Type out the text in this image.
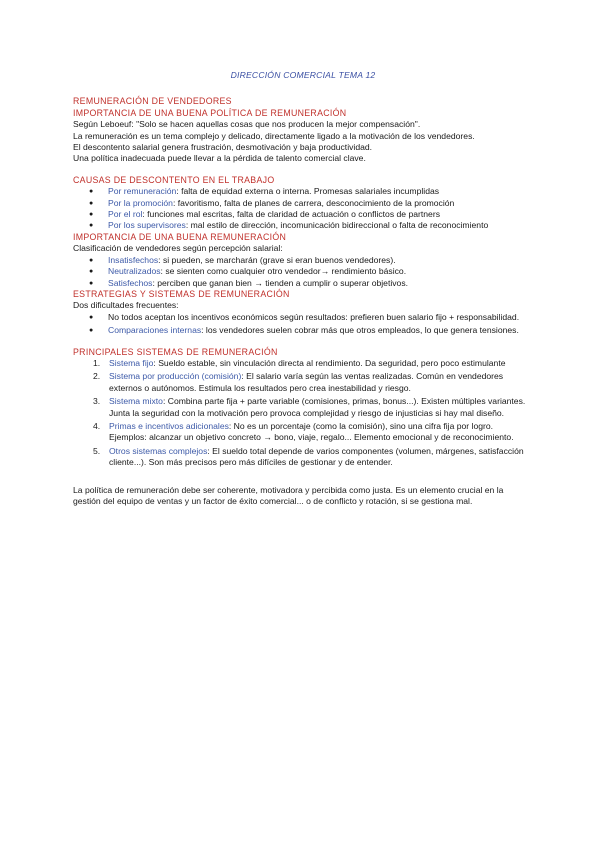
DIRECCIÓN COMERCIAL TEMA 12
REMUNERACIÓN DE VENDEDORES
IMPORTANCIA DE UNA BUENA POLÍTICA DE REMUNERACIÓN

Según Leboeuf: "Solo se hacen aquellas cosas que nos producen la mejor compensación".

La remuneración es un tema complejo y delicado, directamente ligado a la motivación de los vendedores.

El descontento salarial genera frustración, desmotivación y baja productividad.

Una política inadecuada puede llevar a la pérdida de talento comercial clave.

CAUSAS DE DESCONTENTO EN EL TRABAJO
● Por remuneración: falta de equidad externa o interna. Promesas salariales incumplidas
● Por la promoción: favoritismo, falta de planes de carrera, desconocimiento de la promoción
● Por el rol: funciones mal escritas, falta de claridad de actuación o conflictos de partners
● Por los supervisores: mal estilo de dirección, incomunicación bidireccional o falta de reconocimiento
IMPORTANCIA DE UNA BUENA REMUNERACIÓN

Clasificación de vendedores según percepción salarial:

● Insatisfechos: si pueden, se marcharán (grave si eran buenos vendedores).
● Neutralizados: se sienten como cualquier otro vendedor→ rendimiento básico.
● Satisfechos: perciben que ganan bien → tienden a cumplir o superar objetivos.
ESTRATEGIAS Y SISTEMAS DE REMUNERACIÓN

Dos dificultades frecuentes:

● No todos aceptan los incentivos económicos según resultados: prefieren buen salario fijo + responsabilidad.
● Comparaciones internas: los vendedores suelen cobrar más que otros empleados, lo que genera tensiones.
PRINCIPALES SISTEMAS DE REMUNERACIÓN
1. Sistema fijo: Sueldo estable, sin vinculación directa al rendimiento. Da seguridad, pero poco estimulante
2. Sistema por producción (comisión): El salario varía según las ventas realizadas. Común en vendedores externos o autónomos. Estimula los resultados pero crea inestabilidad y riesgo.
3. Sistema mixto: Combina parte fija + parte variable (comisiones, primas, bonus...). Existen múltiples variantes. Junta la seguridad con la motivación pero provoca complejidad y riesgo de injusticias si hay mal diseño.
4. Primas e incentivos adicionales: No es un porcentaje (como la comisión), sino una cifra fija por logro. Ejemplos: alcanzar un objetivo concreto → bono, viaje, regalo... Elemento emocional y de reconocimiento.
5. Otros sistemas complejos: El sueldo total depende de varios componentes (volumen, márgenes, satisfacción cliente...). Son más precisos pero más difíciles de gestionar y de entender.

La política de remuneración debe ser coherente, motivadora y percibida como justa. Es un elemento crucial en la gestión del equipo de ventas y un factor de éxito comercial... o de conflicto y rotación, si se gestiona mal.
